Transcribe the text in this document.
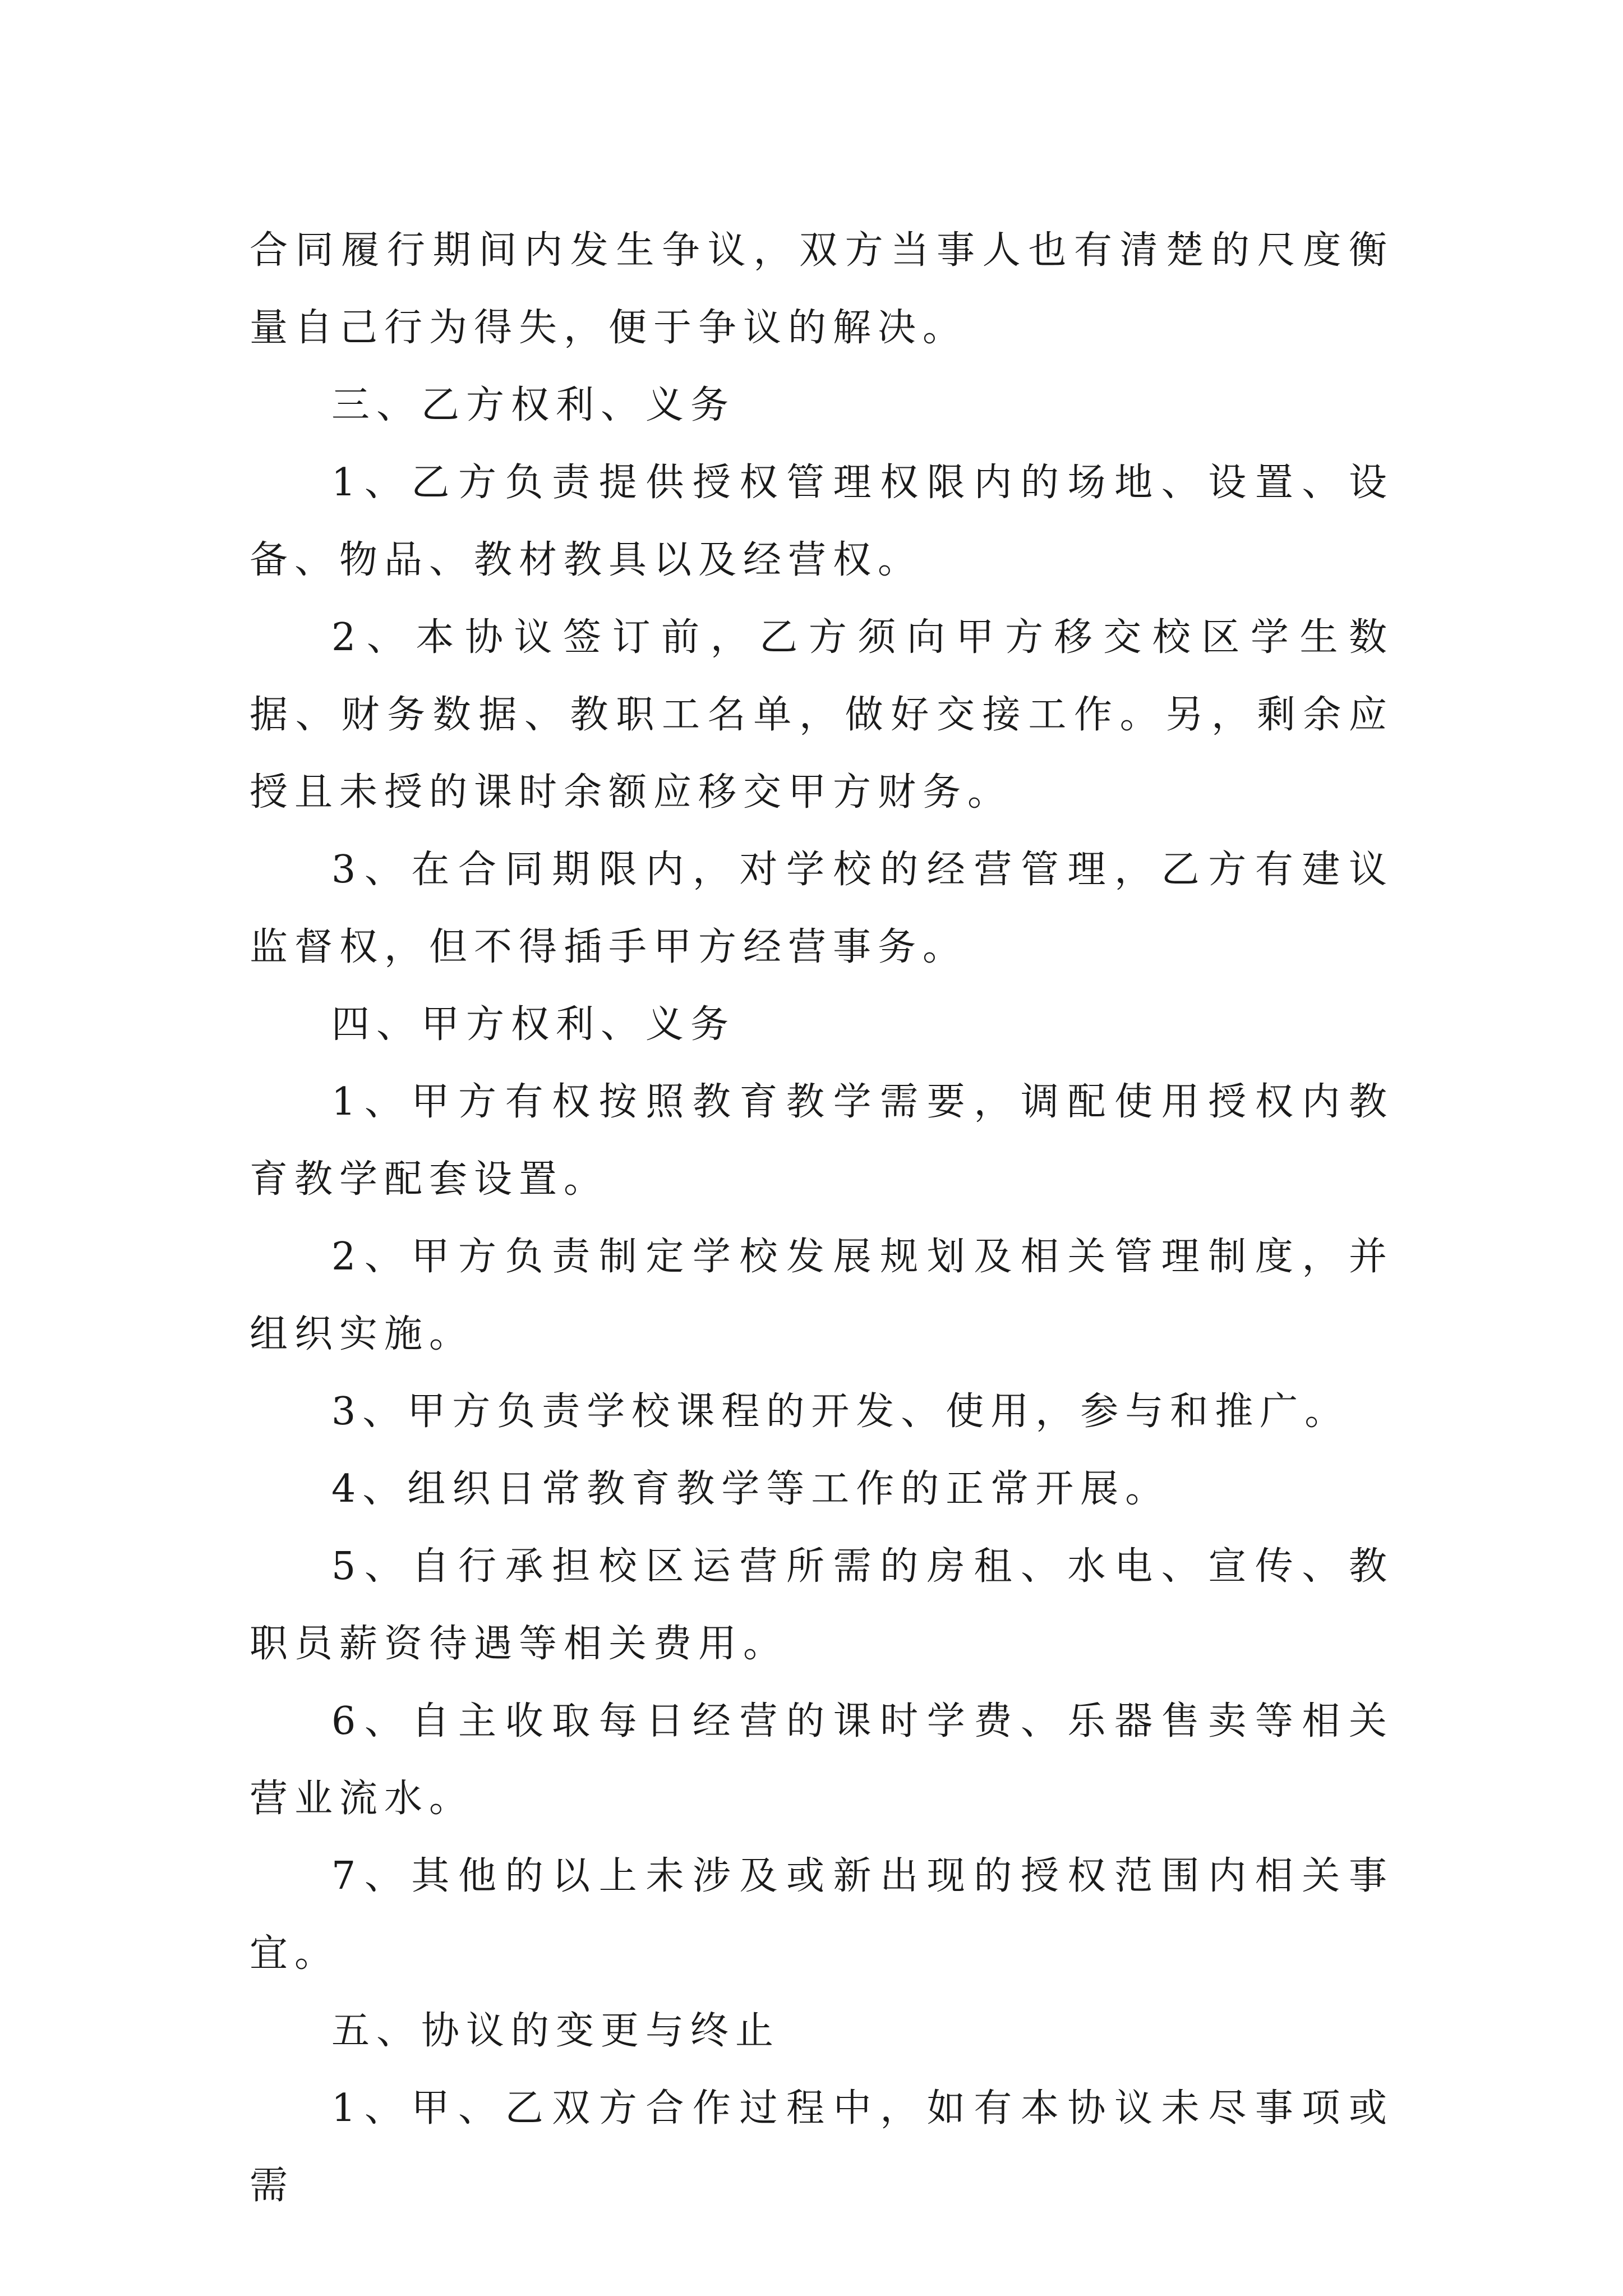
合同履行期间内发生争议，双方当事人也有清楚的尺度衡量自己行为得失，便于争议的解决。

三、乙方权利、义务

1、乙方负责提供授权管理权限内的场地、设置、设备、物品、教材教具以及经营权。

2、本协议签订前，乙方须向甲方移交校区学生数据、财务数据、教职工名单，做好交接工作。另，剩余应授且未授的课时余额应移交甲方财务。

3、在合同期限内，对学校的经营管理，乙方有建议监督权，但不得插手甲方经营事务。

四、甲方权利、义务

1、甲方有权按照教育教学需要，调配使用授权内教育教学配套设置。

2、甲方负责制定学校发展规划及相关管理制度，并组织实施。

3、甲方负责学校课程的开发、使用，参与和推广。

4、组织日常教育教学等工作的正常开展。

5、自行承担校区运营所需的房租、水电、宣传、教职员薪资待遇等相关费用。

6、自主收取每日经营的课时学费、乐器售卖等相关营业流水。

7、其他的以上未涉及或新出现的授权范围内相关事宜。

五、协议的变更与终止

1、甲、乙双方合作过程中，如有本协议未尽事项或需
